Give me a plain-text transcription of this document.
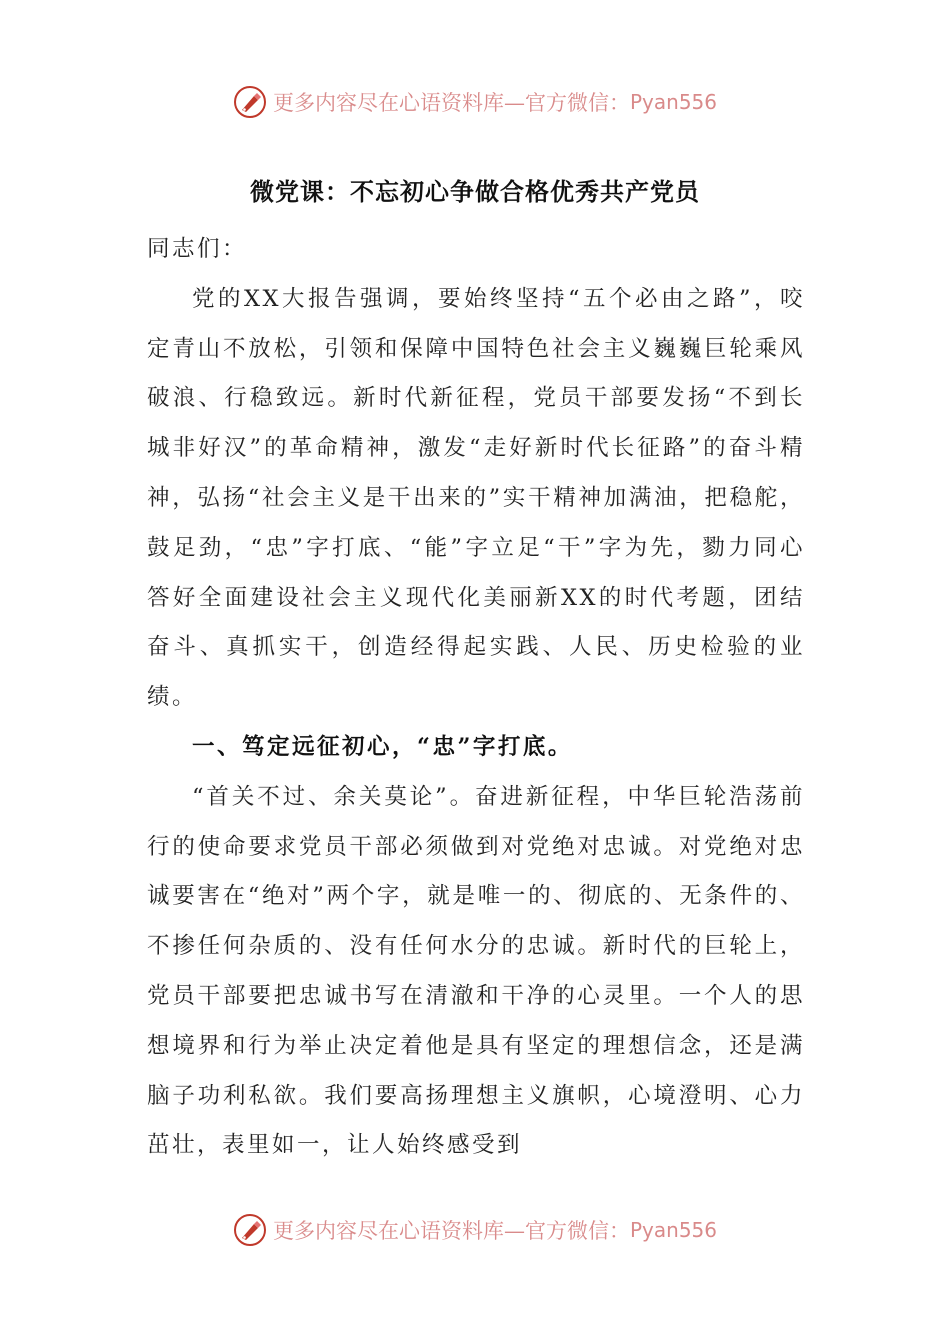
更多内容尽在心语资料库—官方微信： Pyan556
微党课：不忘初心争做合格优秀共产党员

同志们：

党的XX大报告强调，要始终坚持“五个必由之路”，咬定青山不放松，引领和保障中国特色社会主义巍巍巨轮乘风破浪、行稳致远。新时代新征程，党员干部要发扬“不到长城非好汉”的革命精神，激发“走好新时代长征路”的奋斗精神，弘扬“社会主义是干出来的”实干精神加满油，把稳舵，鼓足劲，“忠”字打底、“能”字立足“干”字为先，勠力同心答好全面建设社会主义现代化美丽新XX的时代考题，团结奋斗、真抓实干，创造经得起实践、人民、历史检验的业绩。

一、笃定远征初心，“忠”字打底。

“首关不过、余关莫论”。奋进新征程，中华巨轮浩荡前行的使命要求党员干部必须做到对党绝对忠诚。对党绝对忠诚要害在“绝对”两个字，就是唯一的、彻底的、无条件的、不掺任何杂质的、没有任何水分的忠诚。新时代的巨轮上，党员干部要把忠诚书写在清澈和干净的心灵里。一个人的思想境界和行为举止决定着他是具有坚定的理想信念，还是满脑子功利私欲。我们要高扬理想主义旗帜，心境澄明、心力茁壮，表里如一，让人始终感受到

更多内容尽在心语资料库—官方微信： Pyan556
